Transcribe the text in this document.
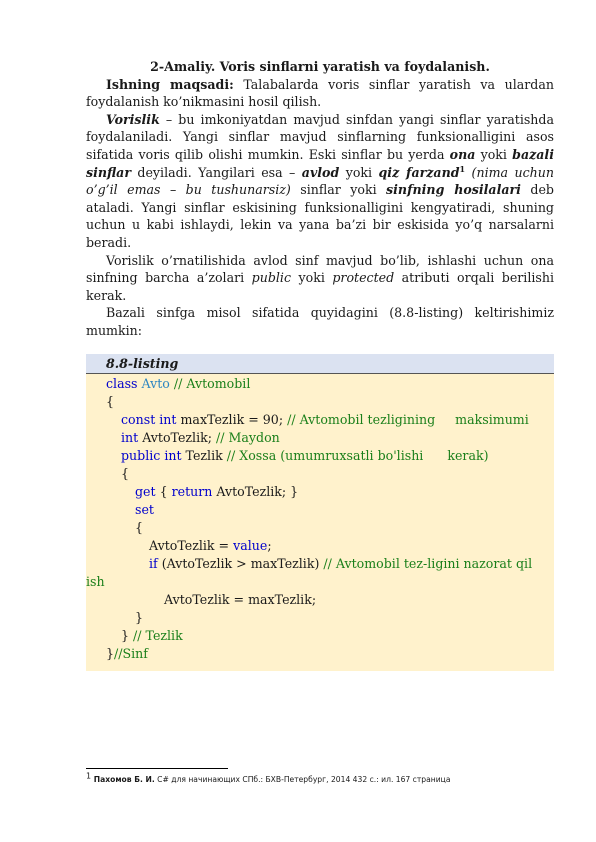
2-Amaliy. Voris sinflarni yaratish va foydalanish.

Ishning maqsadi: Talabalarda voris sinflar yaratish va ulardan foydalanish ko’nikmasini hosil qilish.

Vorislik – bu imkoniyatdan mavjud sinfdan yangi sinflar yaratishda foydalaniladi. Yangi sinflar mavjud sinflarning funksionalligini asos sifatida voris qilib olishi mumkin. Eski sinflar bu yerda ona yoki bazali sinflar deyiladi. Yangilari esa – avlod yoki qiz farzand$^1$ (nima uchun o’g’il emas – bu tushunarsiz) sinflar yoki sinfning hosilalari deb ataladi. Yangi sinflar eskisining funksionalligini kengyatiradi, shuning uchun u kabi ishlaydi, lekin va yana ba’zi bir eskisida yo’q narsalarni beradi.

Vorislik o’rnatilishida avlod sinf mavjud bo’lib, ishlashi uchun ona sinfning barcha a’zolari public yoki protected atributi orqali berilishi kerak.

Bazali sinfga misol sifatida quyidagini (8.8-listing) keltirishimiz mumkin:

8.8-listing
class Avto // Avtomobil
{
const int maxTezlik = 90; // Avtomobil tezligining     maksimumi
int AvtoTezlik; // Maydon
public int Tezlik // Xossa (umumruxsatli bo'lishi      kerak)
{
get { return AvtoTezlik; }
set
{
AvtoTezlik = value;
if (AvtoTezlik > maxTezlik) // Avtomobil tez-ligini nazorat qil
ish
AvtoTezlik = maxTezlik;
}
} // Tezlik
}//Sinf
1 Пахомов Б. И. C# для начинающих СПб.: БХВ-Петербург, 2014 432 с.: ил. 167 страница
